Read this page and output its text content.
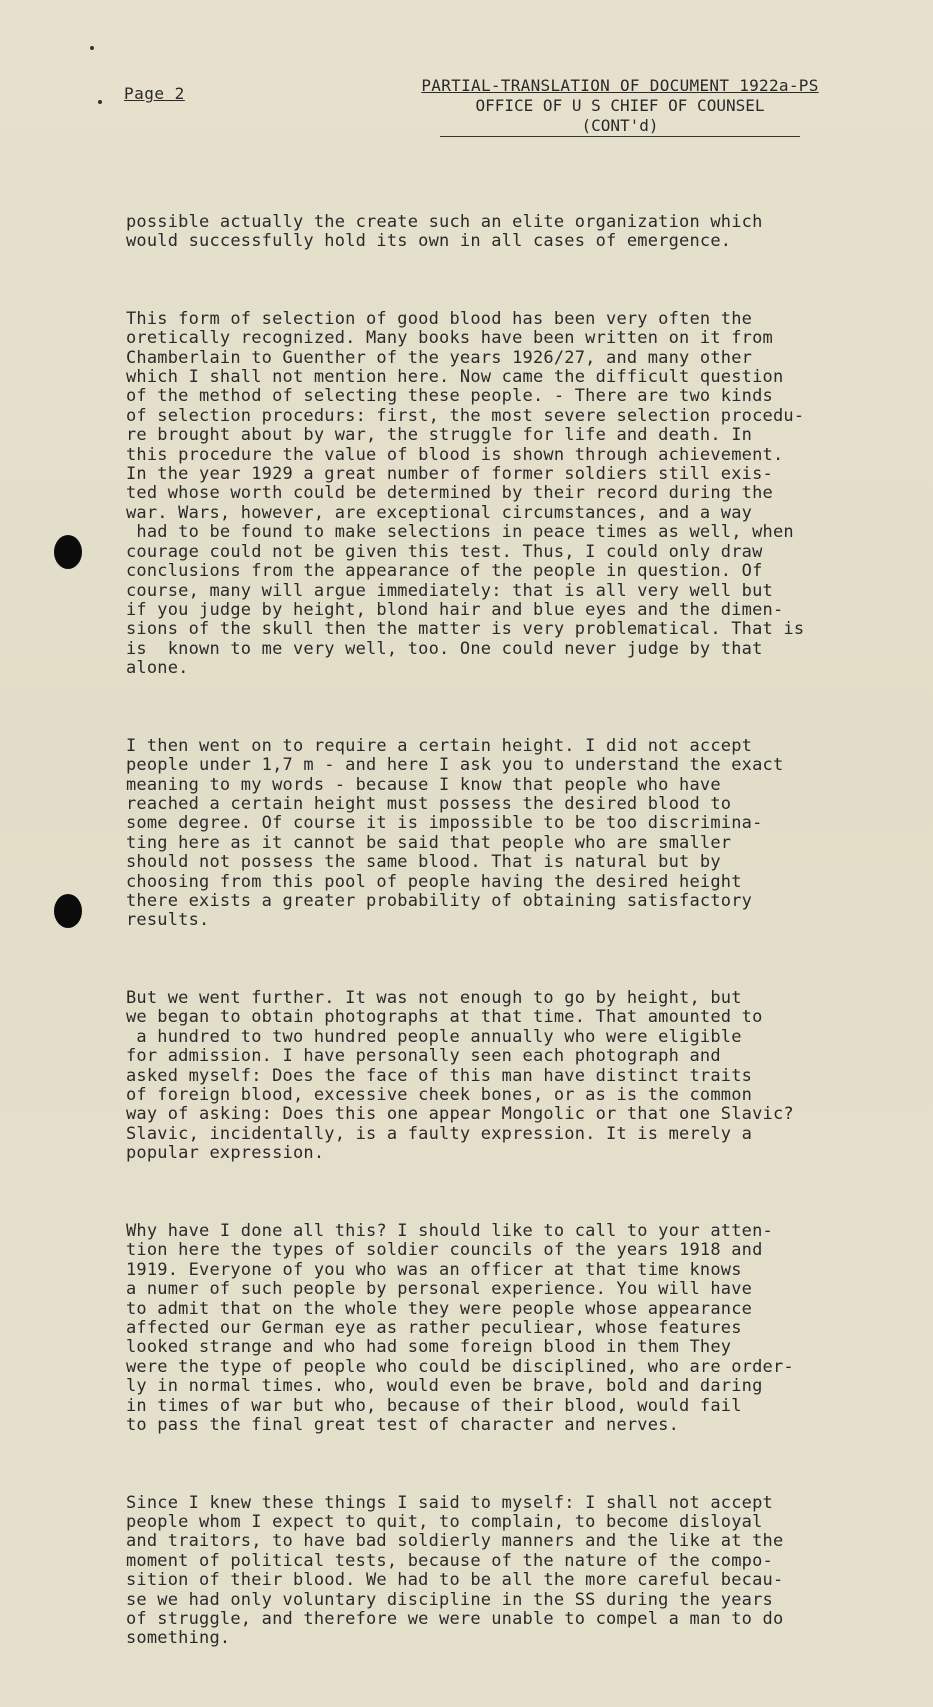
Page 2	PARTIAL-TRANSLATION OF DOCUMENT 1922a-PS
OFFICE OF U S CHIEF OF COUNSEL
(CONT'd)

possible actually the create such an elite organization which
would successfully hold its own in all cases of emergence.

This form of selection of good blood has been very often the
oretically recognized. Many books have been written on it from
Chamberlain to Guenther of the years 1926/27, and many other
which I shall not mention here. Now came the difficult question
of the method of selecting these people. - There are two kinds
of selection procedurs: first, the most severe selection procedu-
re brought about by war, the struggle for life and death. In
this procedure the value of blood is shown through achievement.
In the year 1929 a great number of former soldiers still exis-
ted whose worth could be determined by their record during the
war. Wars, however, are exceptional circumstances, and a way
had to be found to make selections in peace times as well, when
courage could not be given this test. Thus, I could only draw
conclusions from the appearance of the people in question. Of
course, many will argue immediately: that is all very well but
if you judge by height, blond hair and blue eyes and the dimen-
sions of the skull then the matter is very problematical. That is
is  known to me very well, too. One could never judge by that
alone.

I then went on to require a certain height. I did not accept
people under 1,7 m - and here I ask you to understand the exact
meaning to my words - because I know that people who have
reached a certain height must possess the desired blood to
some degree. Of course it is impossible to be too discrimina-
ting here as it cannot be said that people who are smaller
should not possess the same blood. That is natural but by
choosing from this pool of people having the desired height
there exists a greater probability of obtaining satisfactory
results.

But we went further. It was not enough to go by height, but
we began to obtain photographs at that time. That amounted to
a hundred to two hundred people annually who were eligible
for admission. I have personally seen each photograph and
asked myself: Does the face of this man have distinct traits
of foreign blood, excessive cheek bones, or as is the common
way of asking: Does this one appear Mongolic or that one Slavic?
Slavic, incidentally, is a faulty expression. It is merely a
popular expression.

Why have I done all this? I should like to call to your atten-
tion here the types of soldier councils of the years 1918 and
1919. Everyone of you who was an officer at that time knows
a numer of such people by personal experience. You will have
to admit that on the whole they were people whose appearance
affected our German eye as rather peculiear, whose features
looked strange and who had some foreign blood in them They
were the type of people who could be disciplined, who are order-
ly in normal times. who, would even be brave, bold and daring
in times of war but who, because of their blood, would fail
to pass the final great test of character and nerves.

Since I knew these things I said to myself: I shall not accept
people whom I expect to quit, to complain, to become disloyal
and traitors, to have bad soldierly manners and the like at the
moment of political tests, because of the nature of the compo-
sition of their blood. We had to be all the more careful becau-
se we had only voluntary discipline in the SS during the years
of struggle, and therefore we were unable to compel a man to do
something.
